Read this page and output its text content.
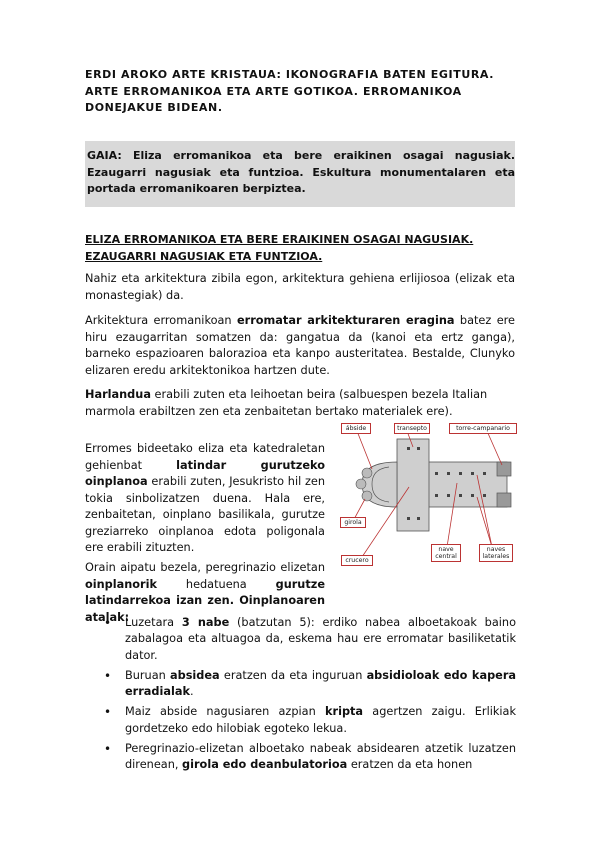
ERDI AROKO ARTE KRISTAUA: IKONOGRAFIA BATEN EGITURA. ARTE ERROMANIKOA ETA ARTE GOTIKOA. ERROMANIKOA DONEJAKUE BIDEAN.
GAIA: Eliza erromanikoa eta bere eraikinen osagai nagusiak. Ezaugarri nagusiak eta funtzioa. Eskultura monumentalaren eta portada erromanikoaren berpiztea.
ELIZA ERROMANIKOA ETA BERE ERAIKINEN OSAGAI NAGUSIAK. EZAUGARRI NAGUSIAK ETA FUNTZIOA.

Nahiz eta arkitektura zibila egon, arkitektura gehiena erlijiosoa (elizak eta monastegiak) da.

Arkitektura erromanikoan erromatar arkitekturaren eragina batez ere hiru ezaugarritan somatzen da: gangatua da (kanoi eta ertz ganga), barneko espazioaren balorazioa eta kanpo austeritatea. Bestalde, Clunyko elizaren eredu arkitektonikoa hartzen dute.

Harlandua erabili zuten eta leihoetan beira (salbuespen bezela Italian marmola erabiltzen zen eta zenbaitetan bertako materialek ere).

Erromes bideetako eliza eta katedraletan gehienbat latindar gurutzeko oinplanoa erabili zuten, Jesukristo hil zen tokia sinbolizatzen duena. Hala ere, zenbaitetan, oinplano basilikala, gurutze greziarreko oinplanoa edota poligonala ere erabili zituzten.

Orain aipatu bezela, peregrinazio elizetan oinplanorik hedatuena gurutze latindarrekoa izan zen. Oinplanoaren atalak:

• Luzetara 3 nabe (batzutan 5): erdiko nabea alboetakoak baino zabalagoa eta altuagoa da, eskema hau ere erromatar basiliketatik dator.
• Buruan absidea eratzen da eta inguruan absidioloak edo kapera erradialak.
• Maiz abside nagusiaren azpian kripta agertzen zaigu. Erlikiak gordetzeko edo hilobiak egoteko lekua.
• Peregrinazio-elizetan alboetako nabeak absidearen atzetik luzatzen direnean, girola edo deanbulatorioa eratzen da eta honen
ábside	transepto	torre-campanario
girola
crucero
nave central
naves laterales
